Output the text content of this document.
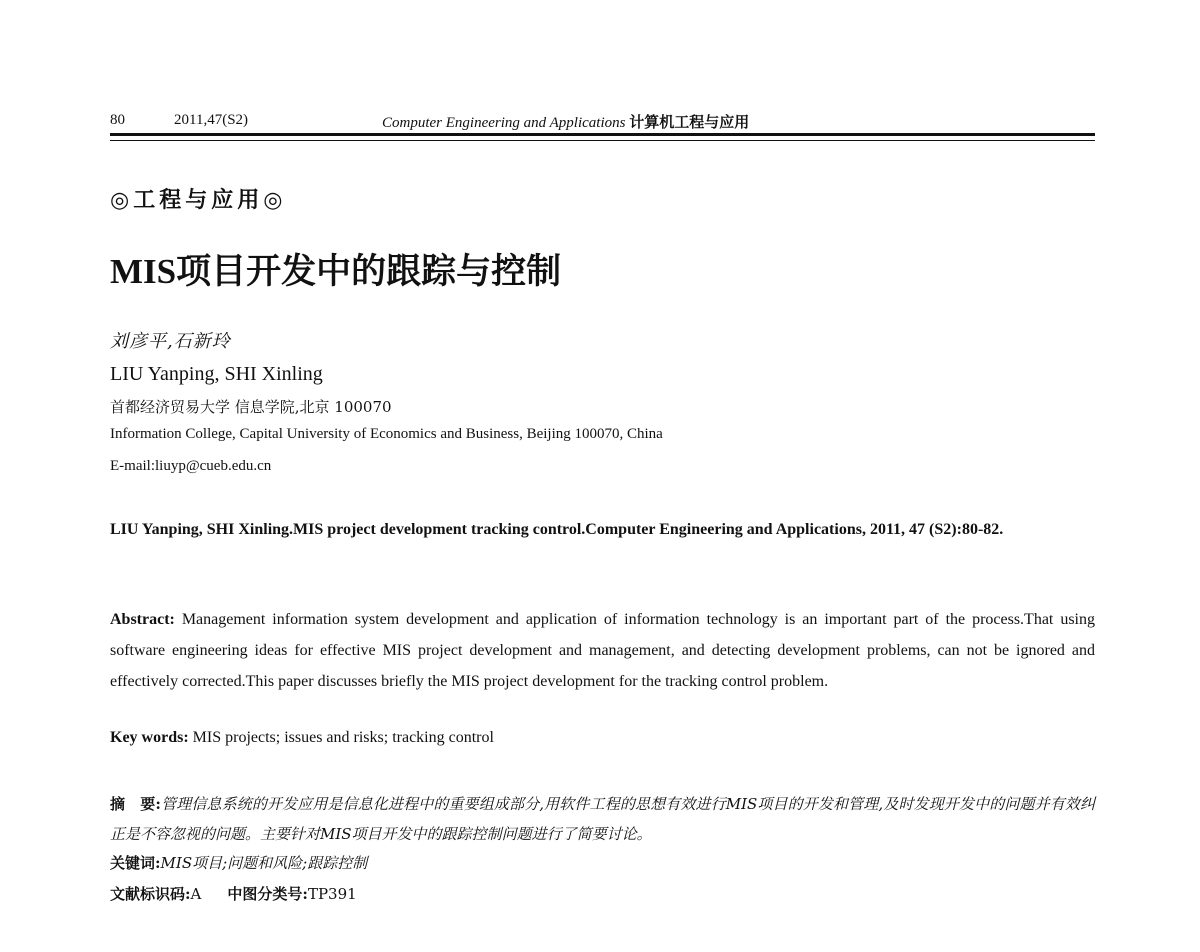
80	2011,47(S2)	Computer Engineering and Applications 计算机工程与应用
◎工程与应用◎
MIS项目开发中的跟踪与控制
刘彦平,石新玲
LIU Yanping, SHI Xinling
首都经济贸易大学 信息学院,北京 100070
Information College, Capital University of Economics and Business, Beijing 100070, China
E-mail:liuyp@cueb.edu.cn
LIU Yanping, SHI Xinling.MIS project development tracking control.Computer Engineering and Applications, 2011, 47 (S2):80-82.
Abstract: Management information system development and application of information technology is an important part of the process.That using software engineering ideas for effective MIS project development and management, and detecting development problems, can not be ignored and effectively corrected.This paper discusses briefly the MIS project development for the tracking control problem.
Key words: MIS projects; issues and risks; tracking control
摘　要:管理信息系统的开发应用是信息化进程中的重要组成部分,用软件工程的思想有效进行MIS项目的开发和管理,及时发现开发中的问题并有效纠正是不容忽视的问题。主要针对MIS项目开发中的跟踪控制问题进行了简要讨论。
关键词:MIS项目;问题和风险;跟踪控制
文献标识码:A 中图分类号:TP391
